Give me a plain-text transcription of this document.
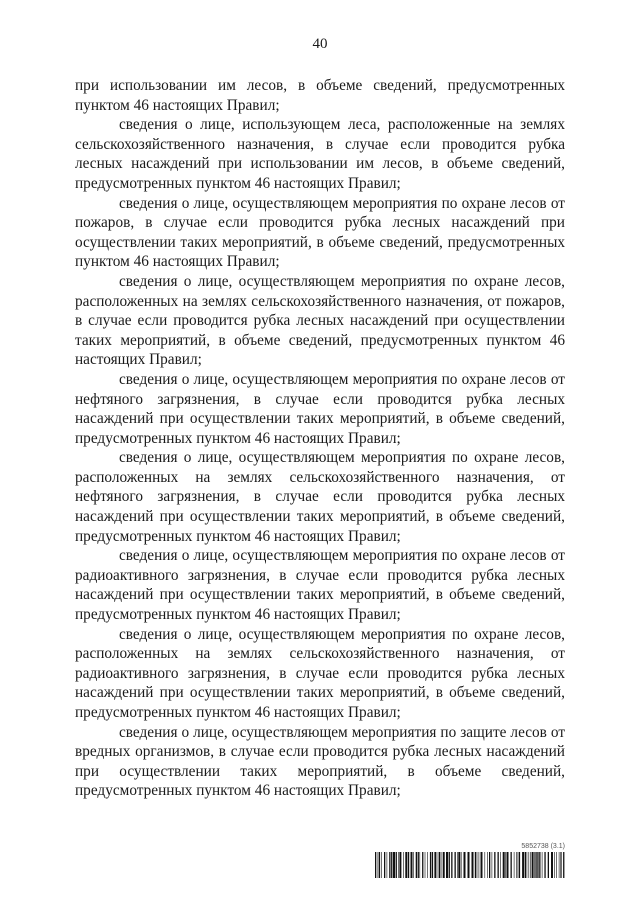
40

при использовании им лесов, в объеме сведений, предусмотренных пунктом 46 настоящих Правил;

сведения о лице, использующем леса, расположенные на землях сельскохозяйственного назначения, в случае если проводится рубка лесных насаждений при использовании им лесов, в объеме сведений, предусмотренных пунктом 46 настоящих Правил;

сведения о лице, осуществляющем мероприятия по охране лесов от пожаров, в случае если проводится рубка лесных насаждений при осуществлении таких мероприятий, в объеме сведений, предусмотренных пунктом 46 настоящих Правил;

сведения о лице, осуществляющем мероприятия по охране лесов, расположенных на землях сельскохозяйственного назначения, от пожаров, в случае если проводится рубка лесных насаждений при осуществлении таких мероприятий, в объеме сведений, предусмотренных пунктом 46 настоящих Правил;

сведения о лице, осуществляющем мероприятия по охране лесов от нефтяного загрязнения, в случае если проводится рубка лесных насаждений при осуществлении таких мероприятий, в объеме сведений, предусмотренных пунктом 46 настоящих Правил;

сведения о лице, осуществляющем мероприятия по охране лесов, расположенных на землях сельскохозяйственного назначения, от нефтяного загрязнения, в случае если проводится рубка лесных насаждений при осуществлении таких мероприятий, в объеме сведений, предусмотренных пунктом 46 настоящих Правил;

сведения о лице, осуществляющем мероприятия по охране лесов от радиоактивного загрязнения, в случае если проводится рубка лесных насаждений при осуществлении таких мероприятий, в объеме сведений, предусмотренных пунктом 46 настоящих Правил;

сведения о лице, осуществляющем мероприятия по охране лесов, расположенных на землях сельскохозяйственного назначения, от радиоактивного загрязнения, в случае если проводится рубка лесных насаждений при осуществлении таких мероприятий, в объеме сведений, предусмотренных пунктом 46 настоящих Правил;

сведения о лице, осуществляющем мероприятия по защите лесов от вредных организмов, в случае если проводится рубка лесных насаждений при осуществлении таких мероприятий, в объеме сведений, предусмотренных пунктом 46 настоящих Правил;

5852738 (3.1)
